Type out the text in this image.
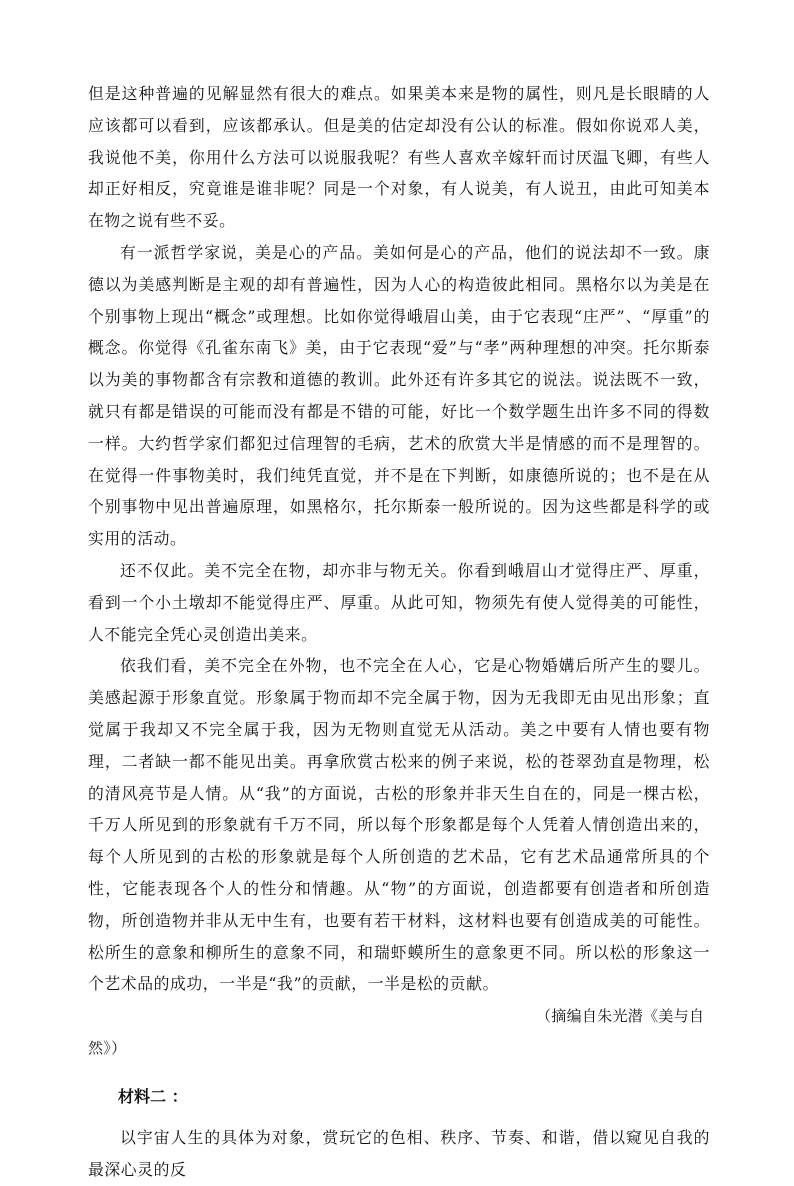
但是这种普遍的见解显然有很大的难点。如果美本来是物的属性，则凡是长眼睛的人应该都可以看到，应该都承认。但是美的估定却没有公认的标准。假如你说邓人美，我说他不美，你用什么方法可以说服我呢？有些人喜欢辛嫁轩而讨厌温飞卿，有些人却正好相反，究竟谁是谁非呢？同是一个对象，有人说美，有人说丑，由此可知美本在物之说有些不妥。

有一派哲学家说，美是心的产品。美如何是心的产品，他们的说法却不一致。康德以为美感判断是主观的却有普遍性，因为人心的构造彼此相同。黑格尔以为美是在个别事物上现出“概念”或理想。比如你觉得峨眉山美，由于它表现“庄严”、“厚重”的概念。你觉得《孔雀东南飞》美，由于它表现“爱”与“孝”两种理想的冲突。托尔斯泰以为美的事物都含有宗教和道德的教训。此外还有许多其它的说法。说法既不一致，就只有都是错误的可能而没有都是不错的可能，好比一个数学题生出许多不同的得数一样。大约哲学家们都犯过信理智的毛病，艺术的欣赏大半是情感的而不是理智的。在觉得一件事物美时，我们纯凭直觉，并不是在下判断，如康德所说的；也不是在从个别事物中见出普遍原理，如黑格尔，托尔斯泰一般所说的。因为这些都是科学的或实用的活动。

还不仅此。美不完全在物，却亦非与物无关。你看到峨眉山才觉得庄严、厚重，看到一个小土墩却不能觉得庄严、厚重。从此可知，物须先有使人觉得美的可能性，人不能完全凭心灵创造出美来。

依我们看，美不完全在外物，也不完全在人心，它是心物婚媾后所产生的婴儿。美感起源于形象直觉。形象属于物而却不完全属于物，因为无我即无由见出形象；直觉属于我却又不完全属于我，因为无物则直觉无从活动。美之中要有人情也要有物理，二者缺一都不能见出美。再拿欣赏古松来的例子来说，松的苍翠劲直是物理，松的清风亮节是人情。从“我”的方面说，古松的形象并非天生自在的，同是一棵古松，千万人所见到的形象就有千万不同，所以每个形象都是每个人凭着人情创造出来的，每个人所见到的古松的形象就是每个人所创造的艺术品，它有艺术品通常所具的个性，它能表现各个人的性分和情趣。从“物”的方面说，创造都要有创造者和所创造物，所创造物并非从无中生有，也要有若干材料，这材料也要有创造成美的可能性。松所生的意象和柳所生的意象不同，和瑞虾蟆所生的意象更不同。所以松的形象这一个艺术品的成功，一半是“我”的贡献，一半是松的贡献。

（摘编自朱光潜《美与自然》）

材料二 ：

以宇宙人生的具体为对象，赏玩它的色相、秩序、节奏、和谐，借以窥见自我的最深心灵的反
